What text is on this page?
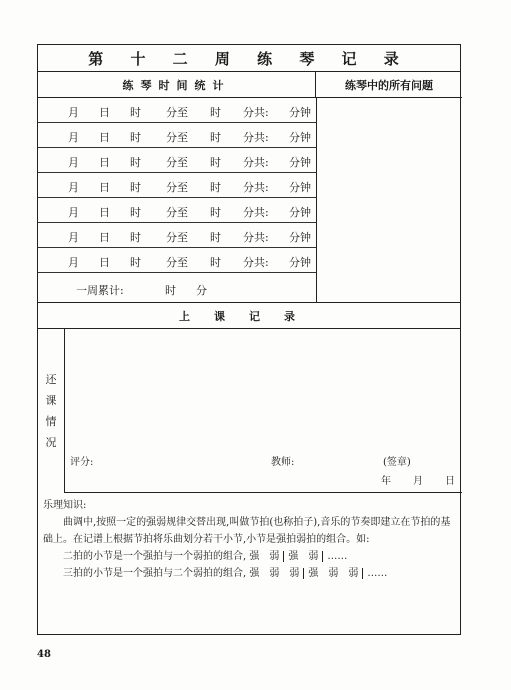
第 十 二 周 练 琴 记 录
练琴时间统计	练琴中的所有问题
月 日 时 分至 时 分共: 分钟
月 日 时 分至 时 分共: 分钟
月 日 时 分至 时 分共: 分钟
月 日 时 分至 时 分共: 分钟
月 日 时 分至 时 分共: 分钟
月 日 时 分至 时 分共: 分钟
月 日 时 分至 时 分共: 分钟
一周累计:	时 分
上课记录
还
课
情
况
评分:	教师:	(签章)
年 月 日

乐理知识:

曲调中,按照一定的强弱规律交替出现,叫做节拍(也称拍子),音乐的节奏即建立在节拍的基础上。在记谱上根据节拍将乐曲划分若干小节,小节是强拍弱拍的组合。如:

二拍的小节是一个强拍与一个弱拍的组合, 强　弱 强　弱 ……

三拍的小节是一个强拍与二个弱拍的组合, 强　弱　弱 强　弱　弱 ……

48
